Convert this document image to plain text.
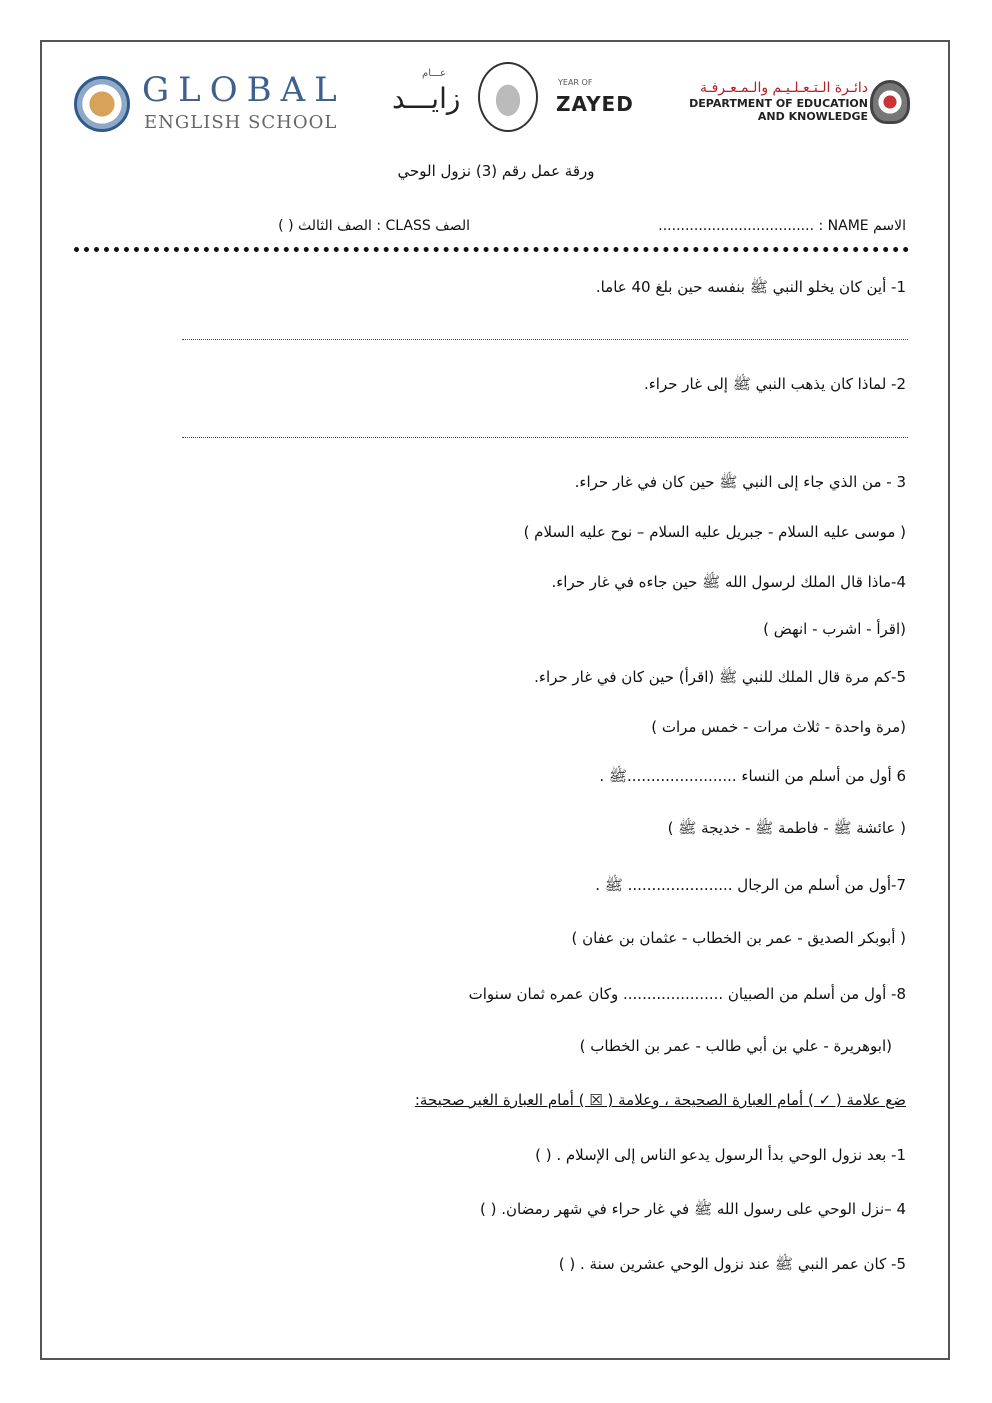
GLOBAL
ENGLISH SCHOOL
عـــام
زايـــد	YEAR OF
ZAYED
دائـرة الـتـعـلـيـم والـمـعـرفـة
DEPARTMENT OF EDUCATION
AND KNOWLEDGE
ورقة عمل رقم (3) نزول الوحي
الاسم NAME : ...................................
الصف CLASS : الصف الثالث ( )
1- أين كان يخلو النبي ﷺ بنفسه حين بلغ 40 عاما.
2- لماذا كان يذهب النبي ﷺ إلى غار حراء.
3 - من الذي جاء إلى النبي ﷺ حين كان في غار حراء.
( موسى عليه السلام - جبريل عليه السلام – نوح عليه السلام )
4-ماذا قال الملك لرسول الله ﷺ حين جاءه في غار حراء.
(اقرأ - اشرب - انهض )
5-كم مرة قال الملك للنبي ﷺ (اقرأ) حين كان في غار حراء.
(مرة واحدة - ثلاث مرات - خمس مرات )
6 أول من أسلم من النساء .......................ﷺ .
( عائشة ﷺ - فاطمة ﷺ - خديجة ﷺ )
7-أول من أسلم من الرجال ...................... ﷺ .
( أبوبكر الصديق - عمر بن الخطاب - عثمان بن عفان )
8- أول من أسلم من الصبيان ..................... وكان عمره ثمان سنوات
(ابوهريرة - علي بن أبي طالب - عمر بن الخطاب )
ضع علامة ( ✓ ) أمام العبارة الصحيحة ، وعلامة ( ☒ ) أمام العبارة الغير صحيحة:
1- بعد نزول الوحي بدأ الرسول يدعو الناس إلى الإسلام . ( )
4 –نزل الوحي على رسول الله ﷺ في غار حراء في شهر رمضان. ( )
5- كان عمر النبي ﷺ عند نزول الوحي عشرين سنة . ( )
